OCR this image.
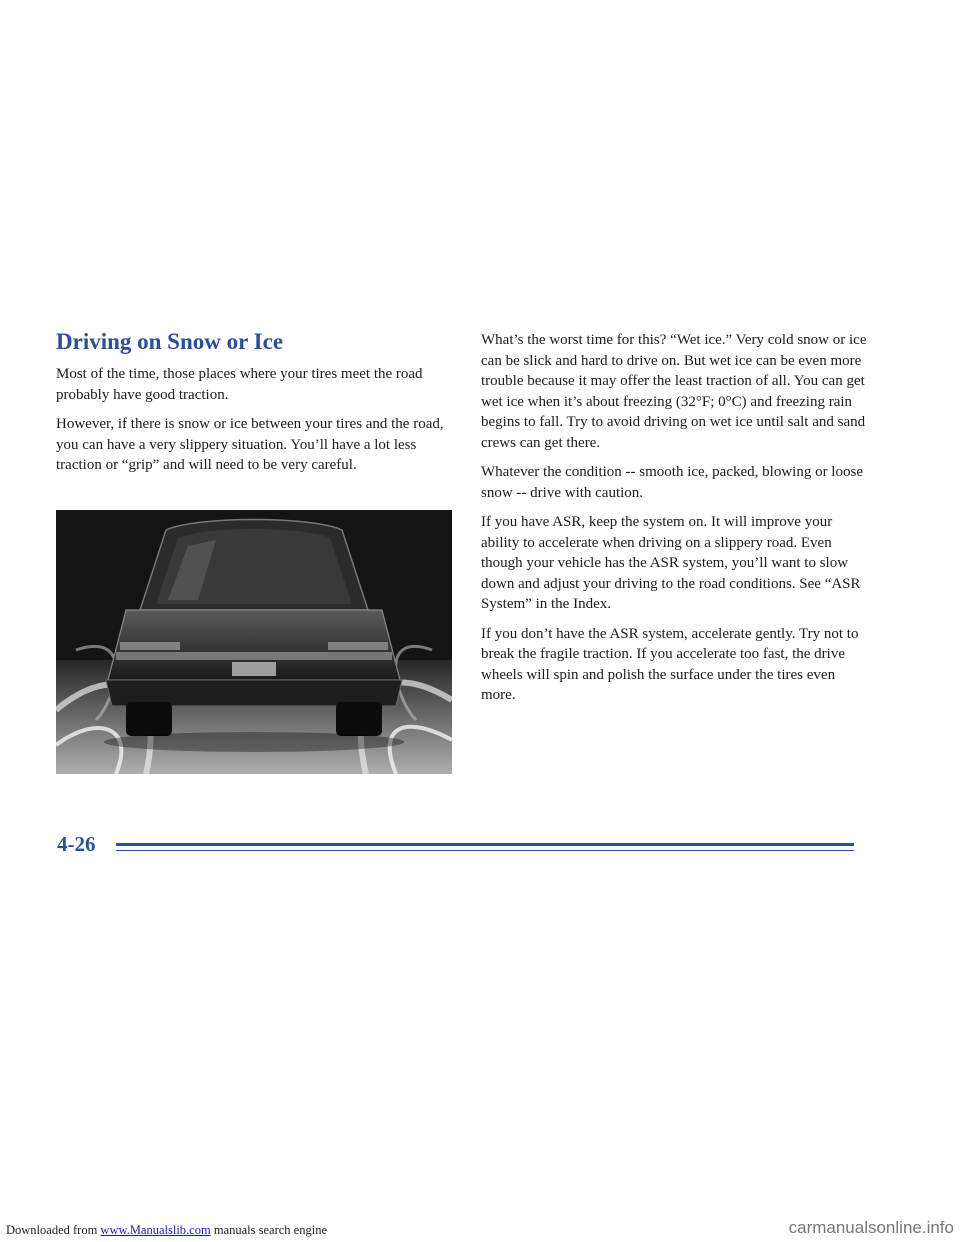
Driving on Snow or Ice

Most of the time, those places where your tires meet the road probably have good traction.

However, if there is snow or ice between your tires and the road, you can have a very slippery situation. You’ll have a lot less traction or “grip” and will need to be very careful.

What’s the worst time for this? “Wet ice.” Very cold snow or ice can be slick and hard to drive on. But wet ice can be even more trouble because it may offer the least traction of all. You can get wet ice when it’s about freezing (32°F; 0°C) and freezing rain begins to fall. Try to avoid driving on wet ice until salt and sand crews can get there.

Whatever the condition -- smooth ice, packed, blowing or loose snow -- drive with caution.

If you have ASR, keep the system on. It will improve your ability to accelerate when driving on a slippery road. Even though your vehicle has the ASR system, you’ll want to slow down and adjust your driving to the road conditions. See “ASR System” in the Index.

If you don’t have the ASR system, accelerate gently. Try not to break the fragile traction. If you accelerate too fast, the drive wheels will spin and polish the surface under the tires even more.

4-26
Downloaded from www.Manualslib.com manuals search engine	carmanualsonline.info
